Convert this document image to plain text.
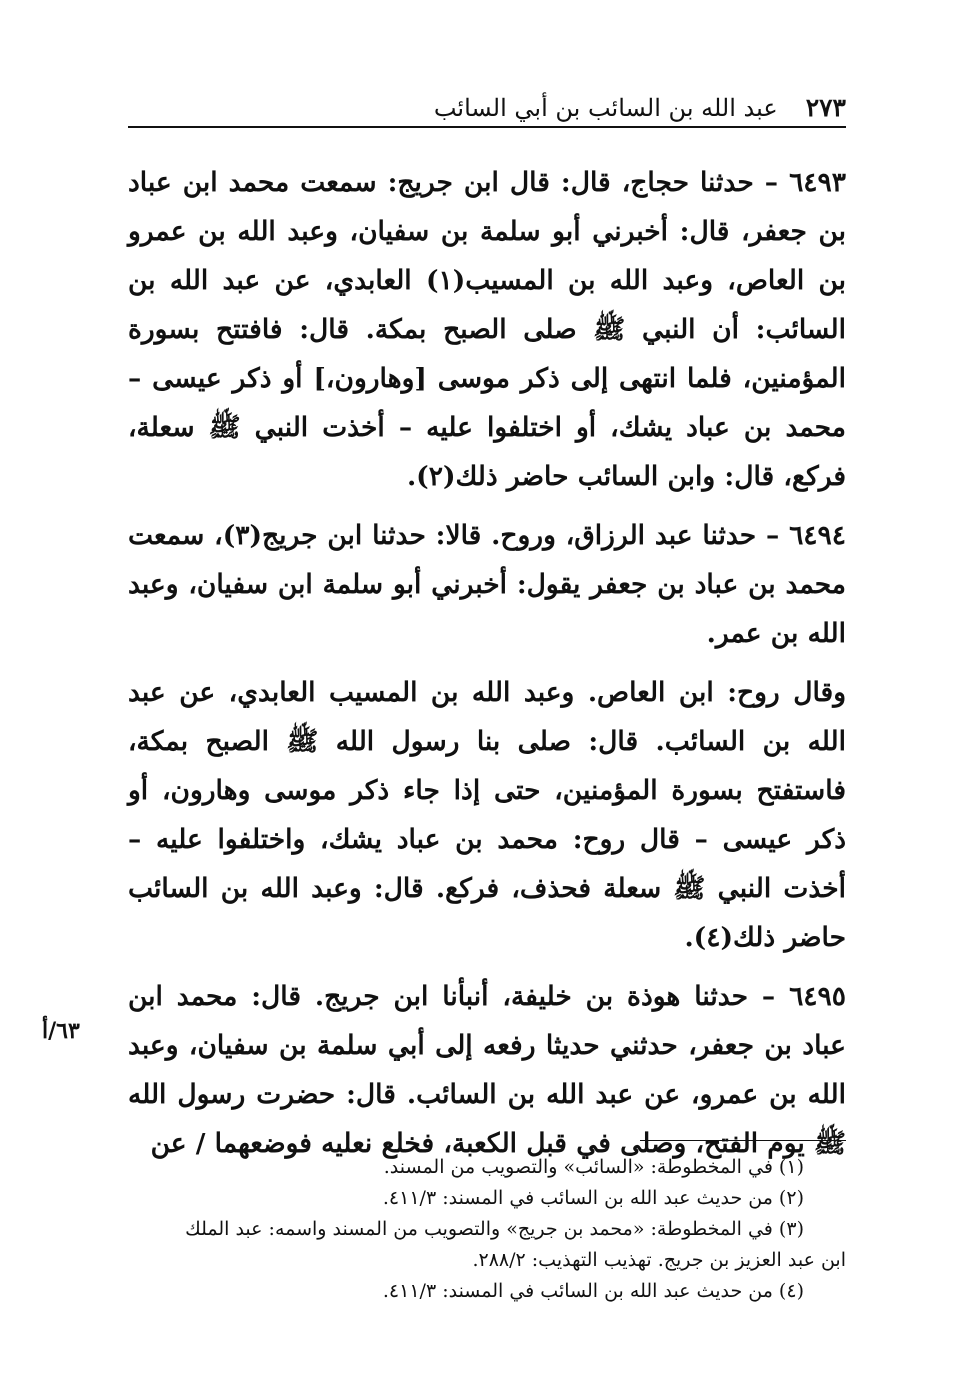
٢٧٣
عبد الله بن السائب بن أبي السائب

٦٤٩٣ – حدثنا حجاج، قال: قال ابن جريج: سمعت محمد ابن عباد بن جعفر، قال: أخبرني أبو سلمة بن سفيان، وعبد الله بن عمرو بن العاص، وعبد الله بن المسيب(١) العابدي، عن عبد الله بن السائب: أن النبي ﷺ صلى الصبح بمكة. قال: فافتتح بسورة المؤمنين، فلما انتهى إلى ذكر موسى [وهارون،] أو ذكر عيسى – محمد بن عباد يشك، أو اختلفوا عليه – أخذت النبي ﷺ سعلة، فركع، قال: وابن السائب حاضر ذلك(٢).

٦٤٩٤ – حدثنا عبد الرزاق، وروح. قالا: حدثنا ابن جريج(٣)، سمعت محمد بن عباد بن جعفر يقول: أخبرني أبو سلمة ابن سفيان، وعبد الله بن عمر.

وقال روح: ابن العاص. وعبد الله بن المسيب العابدي، عن عبد الله بن السائب. قال: صلى بنا رسول الله ﷺ الصبح بمكة، فاستفتح بسورة المؤمنين، حتى إذا جاء ذكر موسى وهارون، أو ذكر عيسى – قال روح: محمد بن عباد يشك، واختلفوا عليه – أخذت النبي ﷺ سعلة فحذف، فركع. قال: وعبد الله بن السائب حاضر ذلك(٤).

٦٤٩٥ – حدثنا هوذة بن خليفة، أنبأنا ابن جريج. قال: محمد ابن عباد بن جعفر، حدثني حديثا رفعه إلى أبي سلمة بن سفيان، وعبد الله بن عمرو، عن عبد الله بن السائب. قال: حضرت رسول الله ﷺ يوم الفتح، وصلى في قبل الكعبة، فخلع نعليه فوضعهما / عن

٦٣/أ

(١) في المخطوطة: «السائب» والتصويب من المسند.

(٢) من حديث عبد الله بن السائب في المسند: ٤١١/٣.

(٣) في المخطوطة: «محمد بن جريج» والتصويب من المسند واسمه: عبد الملك

ابن عبد العزيز بن جريج. تهذيب التهذيب: ٢٨٨/٢.

(٤) من حديث عبد الله بن السائب في المسند: ٤١١/٣.
